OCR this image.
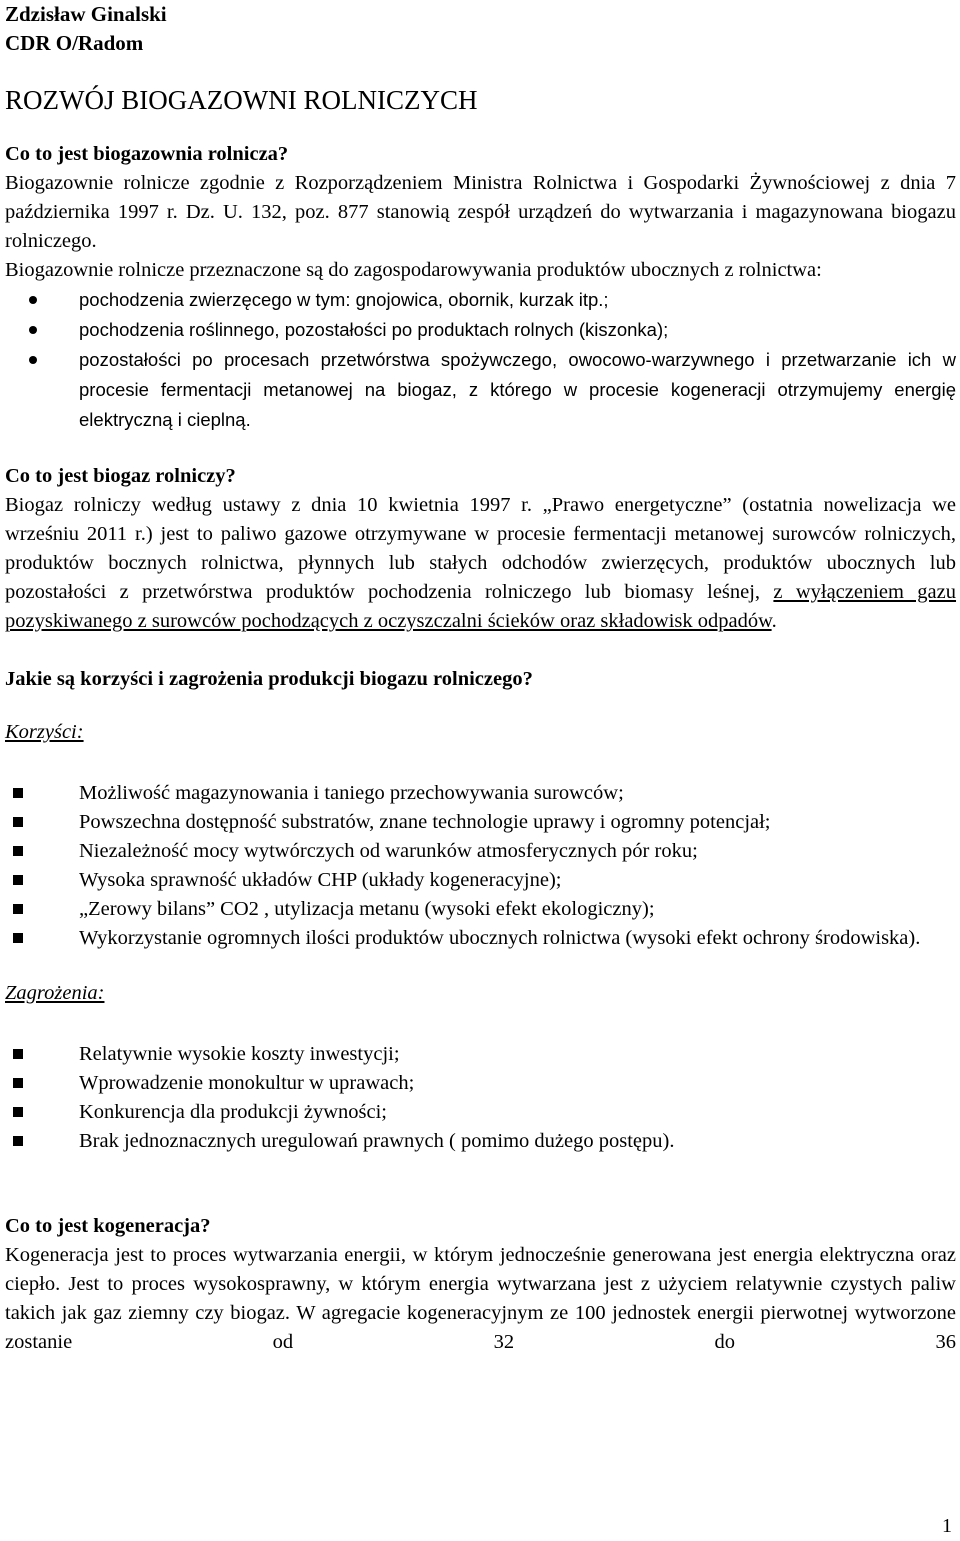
Zdzisław Ginalski
CDR O/Radom
ROZWÓJ BIOGAZOWNI ROLNICZYCH

Co to jest biogazownia rolnicza?

Biogazownie rolnicze zgodnie z Rozporządzeniem Ministra Rolnictwa i Gospodarki Żywnościowej z dnia 7 października 1997 r. Dz. U. 132, poz. 877 stanowią zespół urządzeń do wytwarzania i magazynowana biogazu rolniczego.

Biogazownie rolnicze przeznaczone są do zagospodarowywania produktów ubocznych z rolnictwa:

pochodzenia zwierzęcego w tym: gnojowica, obornik, kurzak itp.;
pochodzenia roślinnego, pozostałości po produktach rolnych (kiszonka);
pozostałości po procesach przetwórstwa spożywczego, owocowo-warzywnego i przetwarzanie ich w procesie fermentacji metanowej na biogaz, z którego w procesie kogeneracji otrzymujemy energię elektryczną i cieplną.

Co to jest biogaz rolniczy?

Biogaz rolniczy według ustawy z dnia 10 kwietnia 1997 r. „Prawo energetyczne” (ostatnia nowelizacja we wrześniu 2011 r.) jest to paliwo gazowe otrzymywane w procesie fermentacji metanowej surowców rolniczych, produktów bocznych rolnictwa, płynnych lub stałych odchodów zwierzęcych, produktów ubocznych lub pozostałości z przetwórstwa produktów pochodzenia rolniczego lub biomasy leśnej, z wyłączeniem gazu pozyskiwanego z surowców pochodzących z oczyszczalni ścieków oraz składowisk odpadów.

Jakie są korzyści i zagrożenia produkcji biogazu rolniczego?

Korzyści:

Możliwość magazynowania i taniego przechowywania surowców;
Powszechna dostępność substratów, znane technologie uprawy i ogromny potencjał;
Niezależność mocy wytwórczych od warunków atmosferycznych pór roku;
Wysoka sprawność układów CHP (układy kogeneracyjne);
„Zerowy bilans” CO2 , utylizacja metanu (wysoki efekt ekologiczny);
Wykorzystanie ogromnych ilości produktów ubocznych rolnictwa (wysoki efekt ochrony środowiska).

Zagrożenia:

Relatywnie wysokie koszty inwestycji;
Wprowadzenie monokultur w uprawach;
Konkurencja dla produkcji żywności;
Brak jednoznacznych uregulowań prawnych ( pomimo dużego postępu).

Co to jest kogeneracja?

Kogeneracja jest to proces wytwarzania energii, w którym jednocześnie generowana jest energia elektryczna oraz ciepło. Jest to proces wysokosprawny, w którym energia wytwarzana jest z użyciem relatywnie czystych paliw takich jak gaz ziemny czy biogaz. W agregacie kogeneracyjnym ze 100 jednostek energii pierwotnej wytworzone zostanie od 32 do 36

1
